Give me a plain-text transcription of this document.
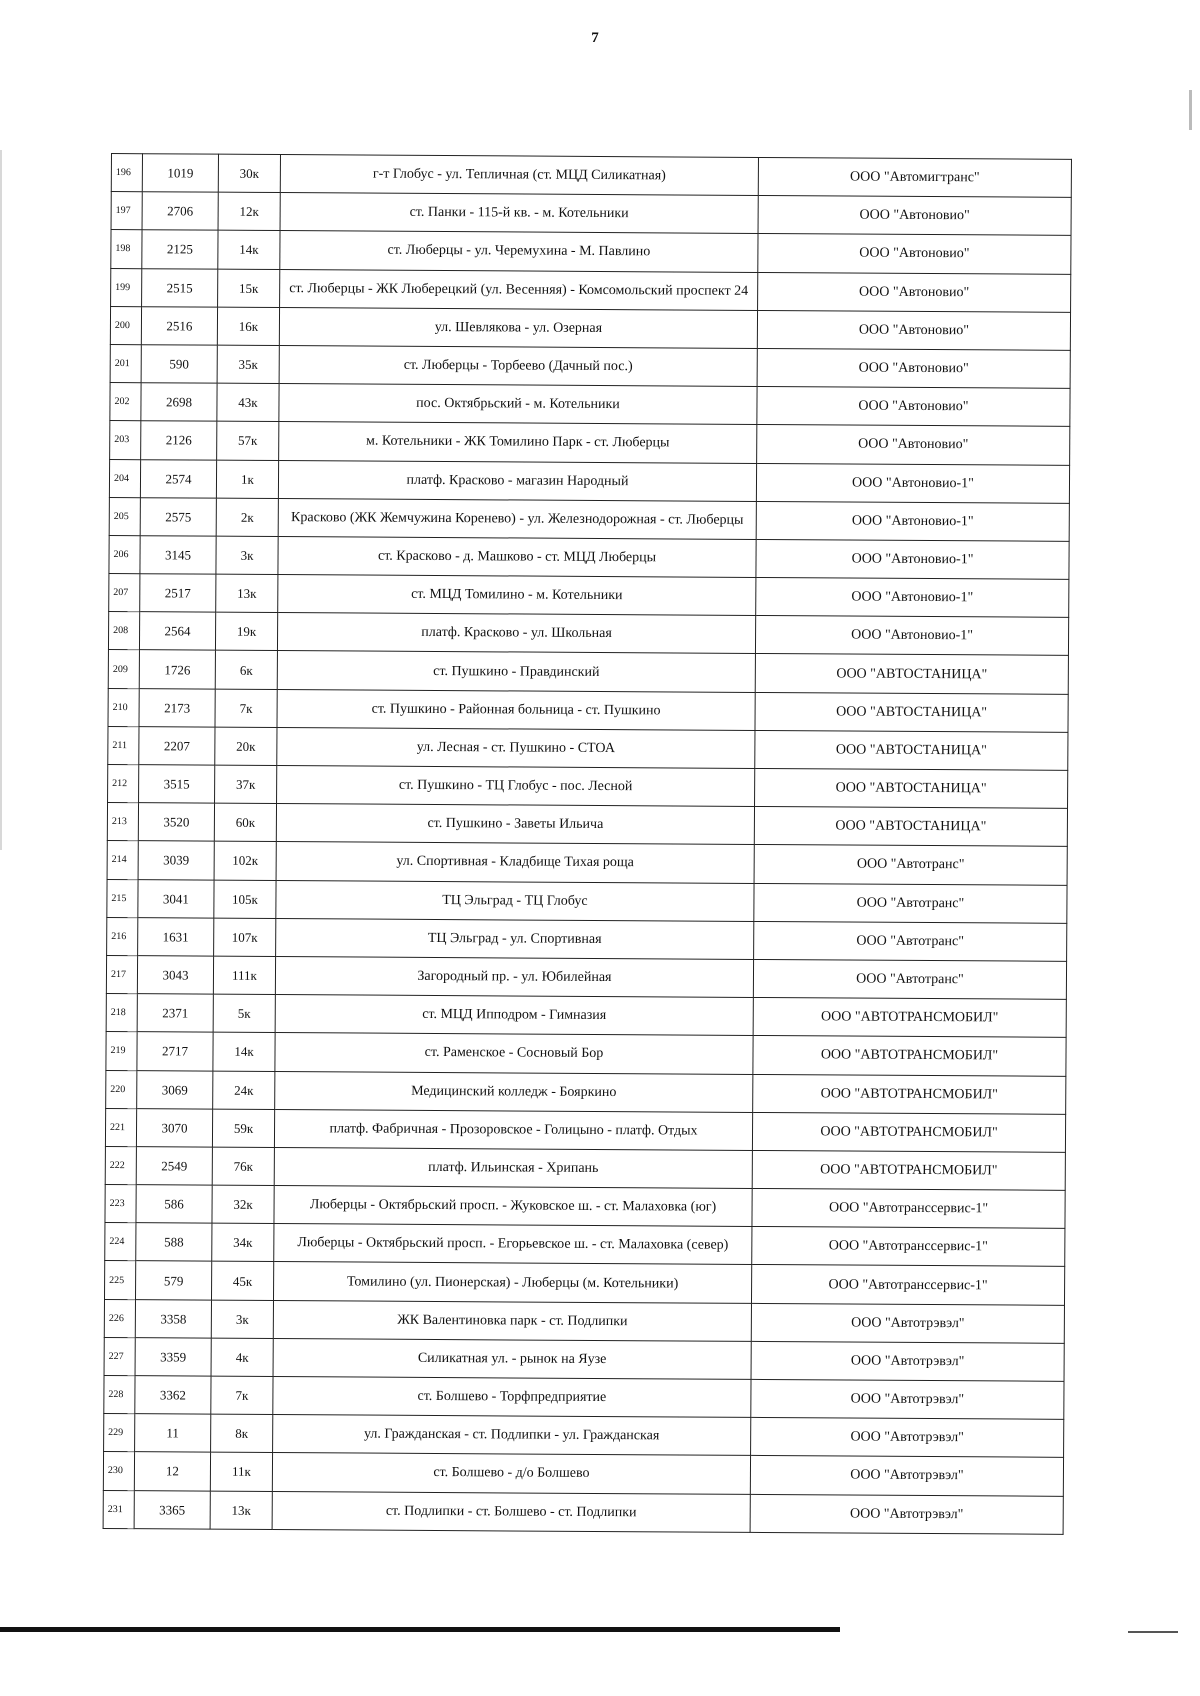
7
196	1019	30к	г-т Глобус - ул. Тепличная (ст. МЦД Силикатная)	ООО "Автомигтранс"
197	2706	12к	ст. Панки - 115-й кв. - м. Котельники	ООО "Автоновио"
198	2125	14к	ст. Люберцы - ул. Черемухина - М. Павлино	ООО "Автоновио"
199	2515	15к	ст. Люберцы - ЖК Люберецкий (ул. Весенняя) - Комсомольский проспект 24	ООО "Автоновио"
200	2516	16к	ул. Шевлякова - ул. Озерная	ООО "Автоновио"
201	590	35к	ст. Люберцы - Торбеево (Дачный пос.)	ООО "Автоновио"
202	2698	43к	пос. Октябрьский - м. Котельники	ООО "Автоновио"
203	2126	57к	м. Котельники - ЖК Томилино Парк - ст. Люберцы	ООО "Автоновио"
204	2574	1к	платф. Красково - магазин Народный	ООО "Автоновио-1"
205	2575	2к	Красково (ЖК Жемчужина Коренево) - ул. Железнодорожная - ст. Люберцы	ООО "Автоновио-1"
206	3145	3к	ст. Красково - д. Машково - ст. МЦД Люберцы	ООО "Автоновио-1"
207	2517	13к	ст. МЦД Томилино - м. Котельники	ООО "Автоновио-1"
208	2564	19к	платф. Красково - ул. Школьная	ООО "Автоновио-1"
209	1726	6к	ст. Пушкино - Правдинский	ООО "АВТОСТАНИЦА"
210	2173	7к	ст. Пушкино - Районная больница - ст. Пушкино	ООО "АВТОСТАНИЦА"
211	2207	20к	ул. Лесная - ст. Пушкино - СТОА	ООО "АВТОСТАНИЦА"
212	3515	37к	ст. Пушкино - ТЦ Глобус - пос. Лесной	ООО "АВТОСТАНИЦА"
213	3520	60к	ст. Пушкино - Заветы Ильича	ООО "АВТОСТАНИЦА"
214	3039	102к	ул. Спортивная - Кладбище Тихая роща	ООО "Автотранс"
215	3041	105к	ТЦ Эльград - ТЦ Глобус	ООО "Автотранс"
216	1631	107к	ТЦ Эльград - ул. Спортивная	ООО "Автотранс"
217	3043	111к	Загородный пр. - ул. Юбилейная	ООО "Автотранс"
218	2371	5к	ст. МЦД Ипподром - Гимназия	ООО "АВТОТРАНСМОБИЛ"
219	2717	14к	ст. Раменское - Сосновый Бор	ООО "АВТОТРАНСМОБИЛ"
220	3069	24к	Медицинский колледж - Бояркино	ООО "АВТОТРАНСМОБИЛ"
221	3070	59к	платф. Фабричная - Прозоровское - Голицыно - платф. Отдых	ООО "АВТОТРАНСМОБИЛ"
222	2549	76к	платф. Ильинская - Хрипань	ООО "АВТОТРАНСМОБИЛ"
223	586	32к	Люберцы - Октябрьский просп. - Жуковское ш. - ст. Малаховка (юг)	ООО "Автотранссервис-1"
224	588	34к	Люберцы - Октябрьский просп. - Егорьевское ш. - ст. Малаховка (север)	ООО "Автотранссервис-1"
225	579	45к	Томилино (ул. Пионерская) - Люберцы (м. Котельники)	ООО "Автотранссервис-1"
226	3358	3к	ЖК Валентиновка парк - ст. Подлипки	ООО "Автотрэвэл"
227	3359	4к	Силикатная ул. - рынок на Яузе	ООО "Автотрэвэл"
228	3362	7к	ст. Болшево - Торфпредприятие	ООО "Автотрэвэл"
229	11	8к	ул. Гражданская - ст. Подлипки - ул. Гражданская	ООО "Автотрэвэл"
230	12	11к	ст. Болшево - д/о Болшево	ООО "Автотрэвэл"
231	3365	13к	ст. Подлипки - ст. Болшево - ст. Подлипки	ООО "Автотрэвэл"
